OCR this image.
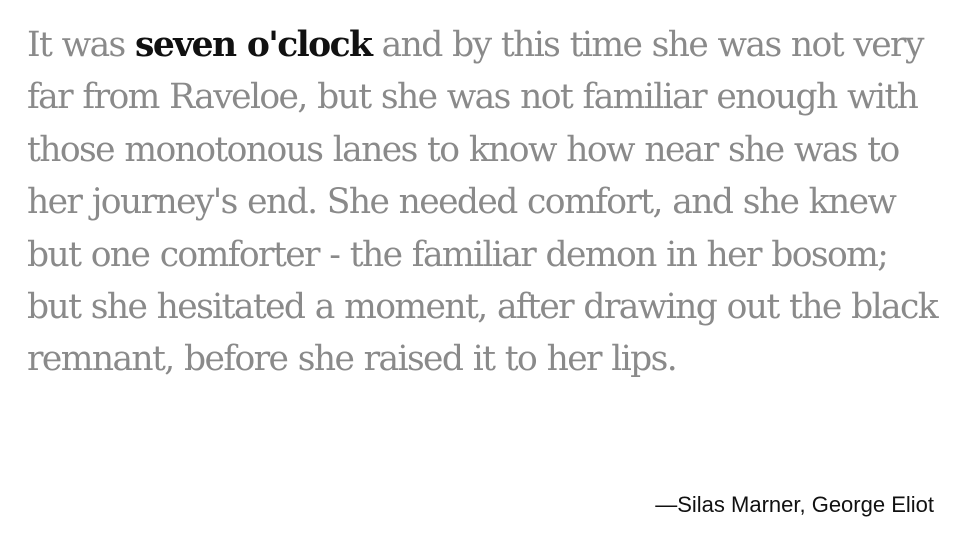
It was seven o'clock and by this time she was not very far from Raveloe, but she was not familiar enough with those monotonous lanes to know how near she was to her journey's end. She needed comfort, and she knew but one comforter - the familiar demon in her bosom; but she hesitated a moment, after drawing out the black remnant, before she raised it to her lips.

—Silas Marner, George Eliot
